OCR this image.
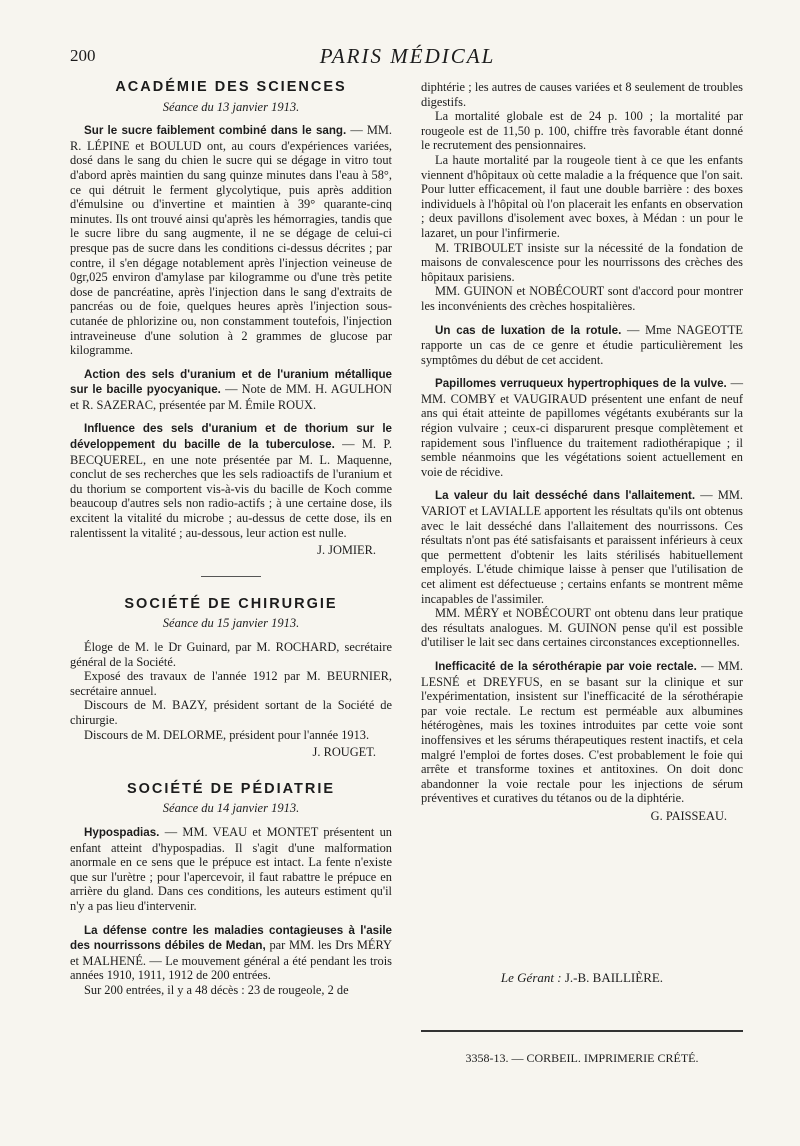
200	PARIS MÉDICAL
ACADÉMIE DES SCIENCES
Séance du 13 janvier 1913.

Sur le sucre faiblement combiné dans le sang. — MM. R. LÉPINE et BOULUD ont, au cours d'expériences variées, dosé dans le sang du chien le sucre qui se dégage in vitro tout d'abord après maintien du sang quinze minutes dans l'eau à 58°, ce qui détruit le ferment glycolytique, puis après addition d'émulsine ou d'invertine et maintien à 39° quarante-cinq minutes. Ils ont trouvé ainsi qu'après les hémorragies, tandis que le sucre libre du sang augmente, il ne se dégage de celui-ci presque pas de sucre dans les conditions ci-dessus décrites ; par contre, il s'en dégage notablement après l'injection veineuse de 0gr,025 environ d'amylase par kilogramme ou d'une très petite dose de pancréatine, après l'injection dans le sang d'extraits de pancréas ou de foie, quelques heures après l'injection sous-cutanée de phlorizine ou, non constamment toutefois, l'injection intraveineuse d'une solution à 2 grammes de glucose par kilogramme.

Action des sels d'uranium et de l'uranium métallique sur le bacille pyocyanique. — Note de MM. H. AGULHON et R. SAZERAC, présentée par M. Émile ROUX.

Influence des sels d'uranium et de thorium sur le développement du bacille de la tuberculose. — M. P. BECQUEREL, en une note présentée par M. L. Maquenne, conclut de ses recherches que les sels radioactifs de l'uranium et du thorium se comportent vis-à-vis du bacille de Koch comme beaucoup d'autres sels non radio-actifs ; à une certaine dose, ils excitent la vitalité du microbe ; au-dessus de cette dose, ils en ralentissent la vitalité ; au-dessous, leur action est nulle.

J. JOMIER.
SOCIÉTÉ DE CHIRURGIE
Séance du 15 janvier 1913.

Éloge de M. le Dr Guinard, par M. ROCHARD, secrétaire général de la Société.

Exposé des travaux de l'année 1912 par M. BEURNIER, secrétaire annuel.

Discours de M. BAZY, président sortant de la Société de chirurgie.

Discours de M. DELORME, président pour l'année 1913.

J. ROUGET.
SOCIÉTÉ DE PÉDIATRIE
Séance du 14 janvier 1913.

Hypospadias. — MM. VEAU et MONTET présentent un enfant atteint d'hypospadias. Il s'agit d'une malformation anormale en ce sens que le prépuce est intact. La fente n'existe que sur l'urètre ; pour l'apercevoir, il faut rabattre le prépuce en arrière du gland. Dans ces conditions, les auteurs estiment qu'il n'y a pas lieu d'intervenir.

La défense contre les maladies contagieuses à l'asile des nourrissons débiles de Medan, par MM. les Drs MÉRY et MALHENÉ. — Le mouvement général a été pendant les trois années 1910, 1911, 1912 de 200 entrées.

Sur 200 entrées, il y a 48 décès : 23 de rougeole, 2 de

diphtérie ; les autres de causes variées et 8 seulement de troubles digestifs.

La mortalité globale est de 24 p. 100 ; la mortalité par rougeole est de 11,50 p. 100, chiffre très favorable étant donné le recrutement des pensionnaires.

La haute mortalité par la rougeole tient à ce que les enfants viennent d'hôpitaux où cette maladie a la fréquence que l'on sait. Pour lutter efficacement, il faut une double barrière : des boxes individuels à l'hôpital où l'on placerait les enfants en observation ; deux pavillons d'isolement avec boxes, à Médan : un pour le lazaret, un pour l'infirmerie.

M. TRIBOULET insiste sur la nécessité de la fondation de maisons de convalescence pour les nourrissons des crèches des hôpitaux parisiens.

MM. GUINON et NOBÉCOURT sont d'accord pour montrer les inconvénients des crèches hospitalières.

Un cas de luxation de la rotule. — Mme NAGEOTTE rapporte un cas de ce genre et étudie particulièrement les symptômes du début de cet accident.

Papillomes verruqueux hypertrophiques de la vulve. — MM. COMBY et VAUGIRAUD présentent une enfant de neuf ans qui était atteinte de papillomes végétants exubérants sur la région vulvaire ; ceux-ci disparurent presque complètement et rapidement sous l'influence du traitement radiothérapique ; il semble néanmoins que les végétations soient actuellement en voie de récidive.

La valeur du lait desséché dans l'allaitement. — MM. VARIOT et LAVIALLE apportent les résultats qu'ils ont obtenus avec le lait desséché dans l'allaitement des nourrissons. Ces résultats n'ont pas été satisfaisants et paraissent inférieurs à ceux que permettent d'obtenir les laits stérilisés habituellement employés. L'étude chimique laisse à penser que l'utilisation de cet aliment est défectueuse ; certains enfants se montrent même incapables de l'assimiler.

MM. MÉRY et NOBÉCOURT ont obtenu dans leur pratique des résultats analogues. M. GUINON pense qu'il est possible d'utiliser le lait sec dans certaines circonstances exceptionnelles.

Inefficacité de la sérothérapie par voie rectale. — MM. LESNÉ et DREYFUS, en se basant sur la clinique et sur l'expérimentation, insistent sur l'inefficacité de la sérothérapie par voie rectale. Le rectum est perméable aux albumines hétérogènes, mais les toxines introduites par cette voie sont inoffensives et les sérums thérapeutiques restent inactifs, et cela malgré l'emploi de fortes doses. C'est probablement le foie qui arrête et transforme toxines et antitoxines. On doit donc abandonner la voie rectale pour les injections de sérum préventives et curatives du tétanos ou de la diphtérie.

G. PAISSEAU.
Le Gérant : J.-B. BAILLIÈRE.
3358-13. — CORBEIL. IMPRIMERIE CRÉTÉ.
